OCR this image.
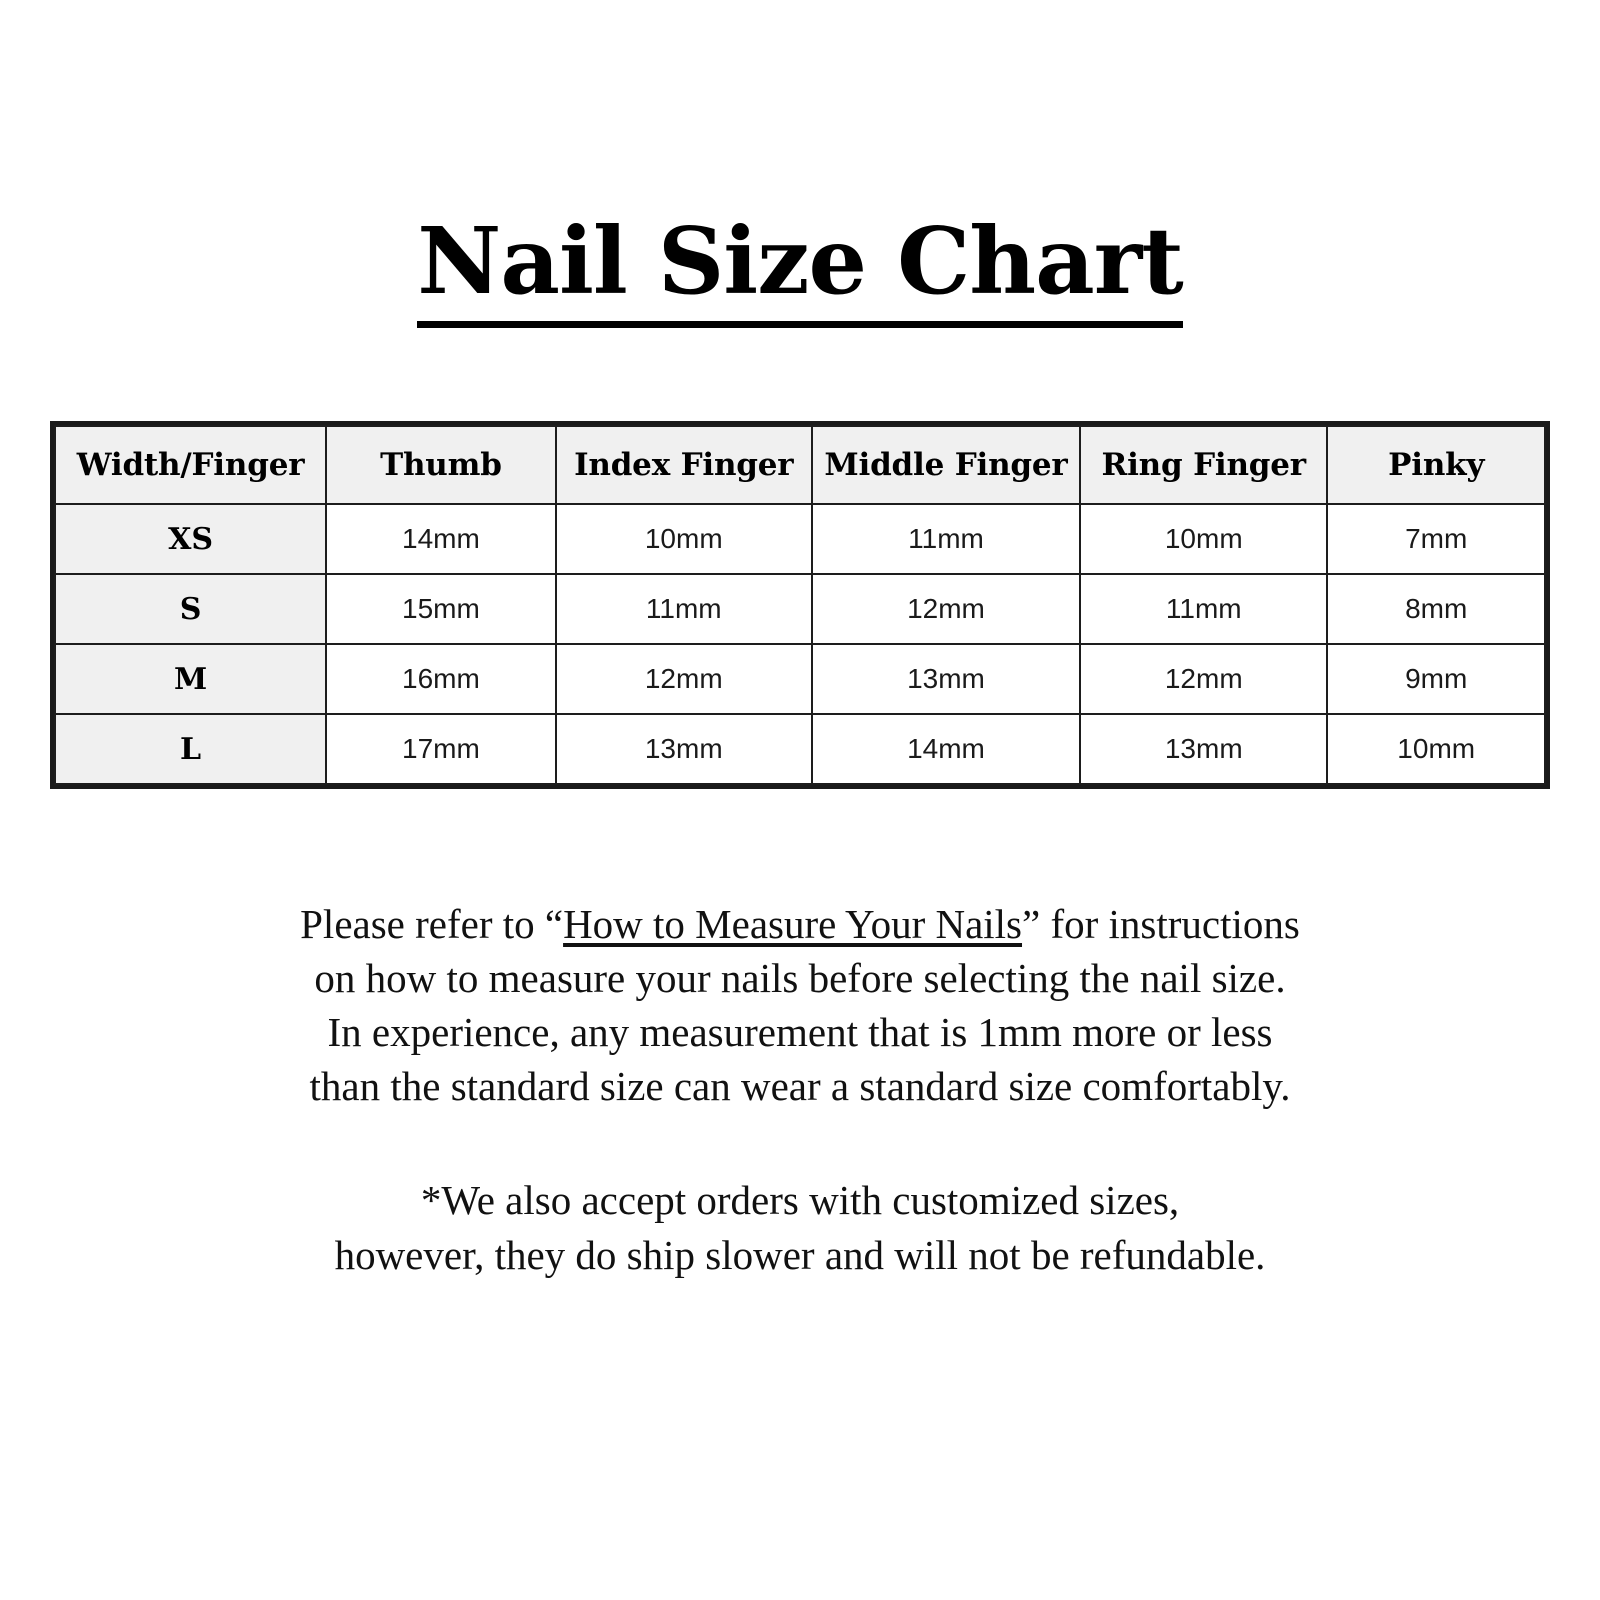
Nail Size Chart
Width/Finger	Thumb	Index Finger	Middle Finger	Ring Finger	Pinky
XS	14mm	10mm	11mm	10mm	7mm
S	15mm	11mm	12mm	11mm	8mm
M	16mm	12mm	13mm	12mm	9mm
L	17mm	13mm	14mm	13mm	10mm

Please refer to “How to Measure Your Nails” for instructions
on how to measure your nails before selecting the nail size.
In experience, any measurement that is 1mm more or less
than the standard size can wear a standard size comfortably.

*We also accept orders with customized sizes,
however, they do ship slower and will not be refundable.
